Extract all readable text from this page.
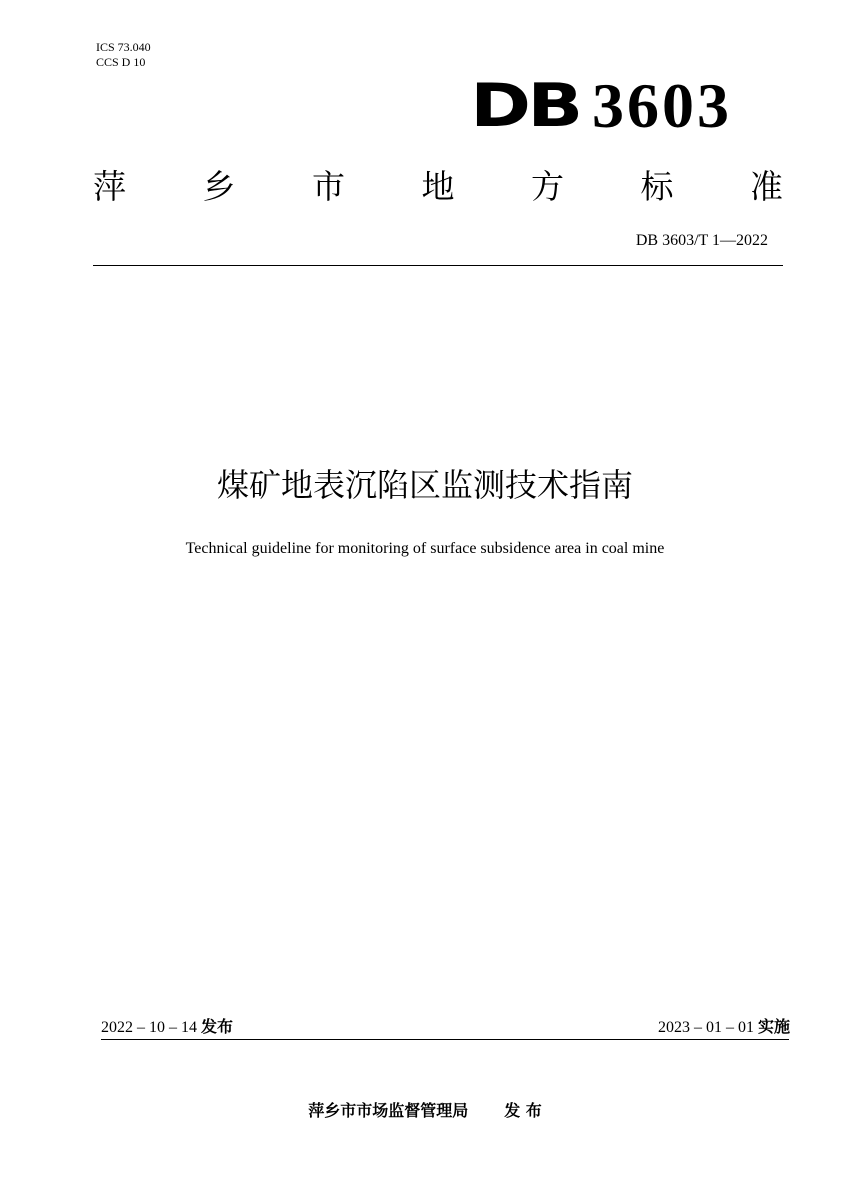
ICS 73.040
CCS D 10
DB 3603
萍 乡 市 地 方 标 准
DB 3603/T 1—2022
煤矿地表沉陷区监测技术指南
Technical guideline for monitoring of surface subsidence area in coal mine
2022 – 10 – 14 发布	2023 – 01 – 01 实施
萍乡市市场监督管理局 发 布
